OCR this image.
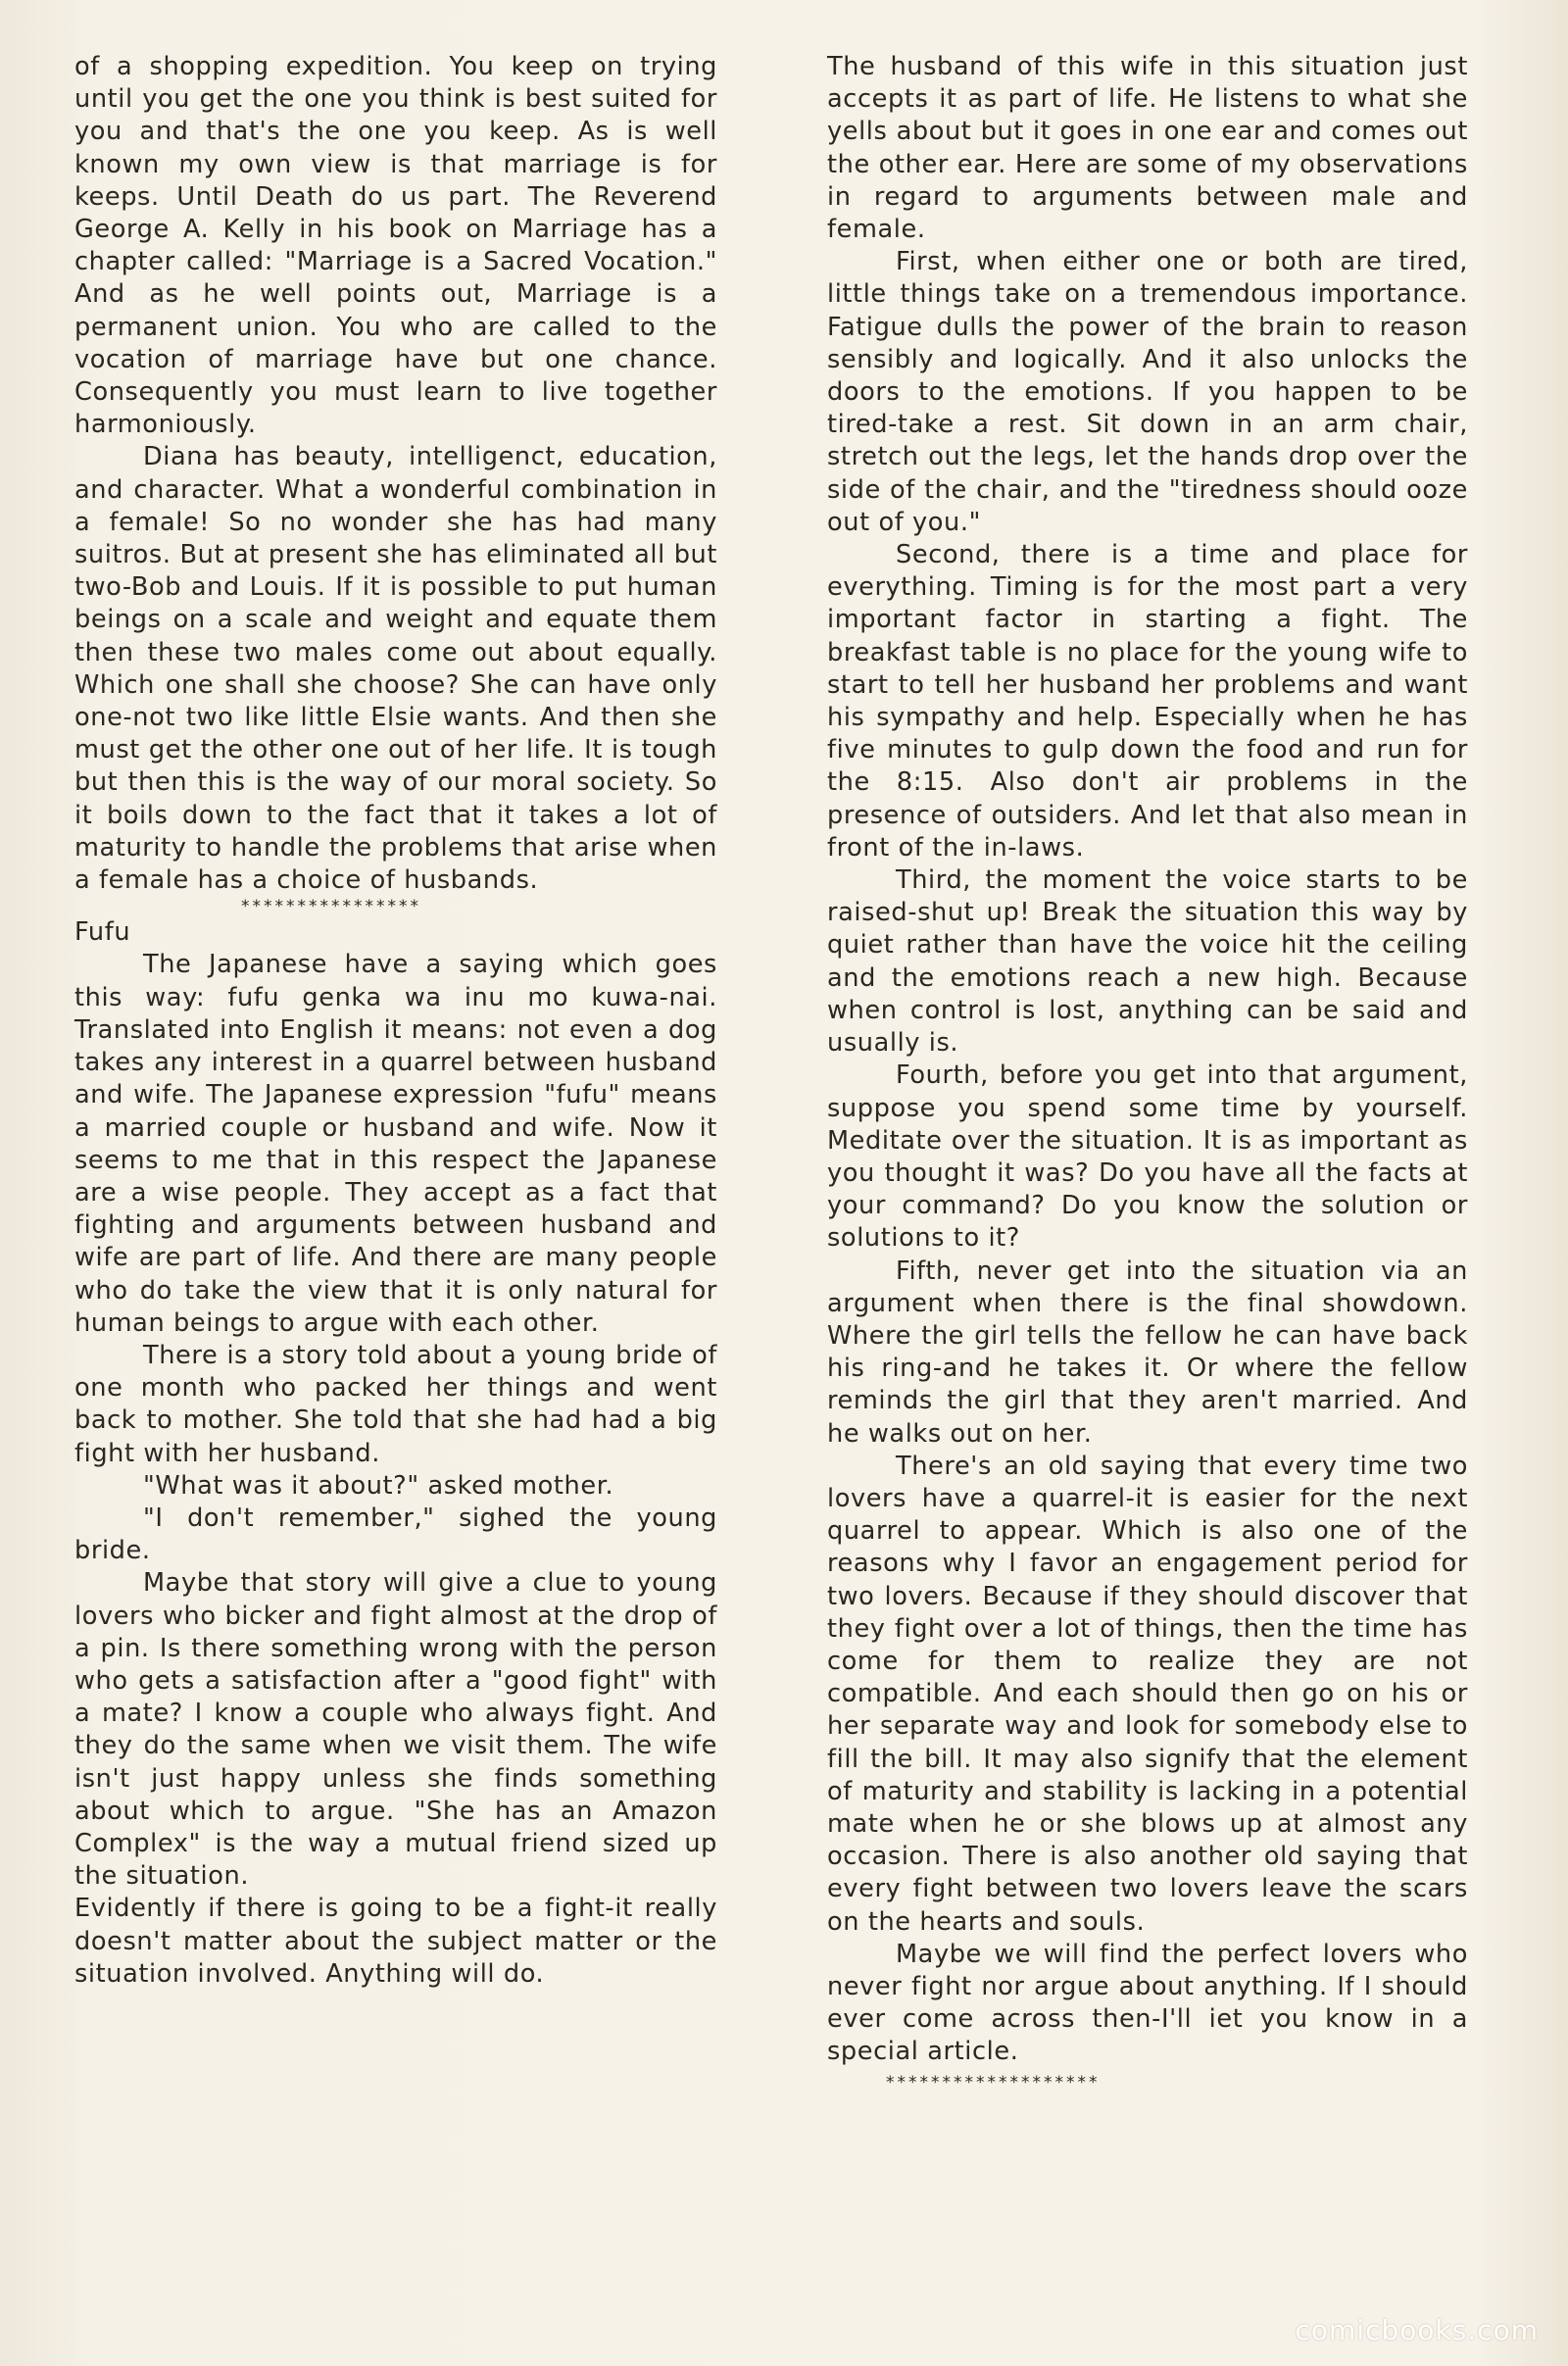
of a shopping expedition. You keep on trying until you get the one you think is best suited for you and that's the one you keep. As is well known my own view is that marriage is for keeps. Until Death do us part. The Reverend George A. Kelly in his book on Marriage has a chapter called: "Marriage is a Sacred Vocation." And as he well points out, Marriage is a permanent union. You who are called to the vocation of marriage have but one chance. Consequently you must learn to live together harmoniously.

Diana has beauty, intelligenct, education, and character. What a wonderful combination in a female! So no wonder she has had many suitros. But at present she has eliminated all but two-Bob and Louis. If it is possible to put human beings on a scale and weight and equate them then these two males come out about equally. Which one shall she choose? She can have only one-not two like little Elsie wants. And then she must get the other one out of her life. It is tough but then this is the way of our moral society. So it boils down to the fact that it takes a lot of maturity to handle the problems that arise when a female has a choice of husbands.

****************

Fufu

The Japanese have a saying which goes this way: fufu genka wa inu mo kuwa-nai. Translated into English it means: not even a dog takes any interest in a quarrel between husband and wife. The Japanese expression "fufu" means a married couple or husband and wife. Now it seems to me that in this respect the Japanese are a wise people. They accept as a fact that fighting and arguments between husband and wife are part of life. And there are many people who do take the view that it is only natural for human beings to argue with each other.

There is a story told about a young bride of one month who packed her things and went back to mother. She told that she had had a big fight with her husband.

"What was it about?" asked mother.

"I don't remember," sighed the young bride.

Maybe that story will give a clue to young lovers who bicker and fight almost at the drop of a pin. Is there something wrong with the person who gets a satisfaction after a "good fight" with a mate? I know a couple who always fight. And they do the same when we visit them. The wife isn't just happy unless she finds something about which to argue. "She has an Amazon Complex" is the way a mutual friend sized up the situation.

Evidently if there is going to be a fight-it really doesn't matter about the subject matter or the situation involved. Anything will do.

The husband of this wife in this situation just accepts it as part of life. He listens to what she yells about but it goes in one ear and comes out the other ear. Here are some of my observations in regard to arguments between male and female.

First, when either one or both are tired, little things take on a tremendous importance. Fatigue dulls the power of the brain to reason sensibly and logically. And it also unlocks the doors to the emotions. If you happen to be tired-take a rest. Sit down in an arm chair, stretch out the legs, let the hands drop over the side of the chair, and the "tiredness should ooze out of you."

Second, there is a time and place for everything. Timing is for the most part a very important factor in starting a fight. The breakfast table is no place for the young wife to start to tell her husband her problems and want his sympathy and help. Especially when he has five minutes to gulp down the food and run for the 8:15. Also don't air problems in the presence of outsiders. And let that also mean in front of the in-laws.

Third, the moment the voice starts to be raised-shut up! Break the situation this way by quiet rather than have the voice hit the ceiling and the emotions reach a new high. Because when control is lost, anything can be said and usually is.

Fourth, before you get into that argument, suppose you spend some time by yourself. Meditate over the situation. It is as important as you thought it was? Do you have all the facts at your command? Do you know the solution or solutions to it?

Fifth, never get into the situation via an argument when there is the final showdown. Where the girl tells the fellow he can have back his ring-and he takes it. Or where the fellow reminds the girl that they aren't married. And he walks out on her.

There's an old saying that every time two lovers have a quarrel-it is easier for the next quarrel to appear. Which is also one of the reasons why I favor an engagement period for two lovers. Because if they should discover that they fight over a lot of things, then the time has come for them to realize they are not compatible. And each should then go on his or her separate way and look for somebody else to fill the bill. It may also signify that the element of maturity and stability is lacking in a potential mate when he or she blows up at almost any occasion. There is also another old saying that every fight between two lovers leave the scars on the hearts and souls.

Maybe we will find the perfect lovers who never fight nor argue about anything. If I should ever come across then-I'll iet you know in a special article.

*******************

comicbooks.com
